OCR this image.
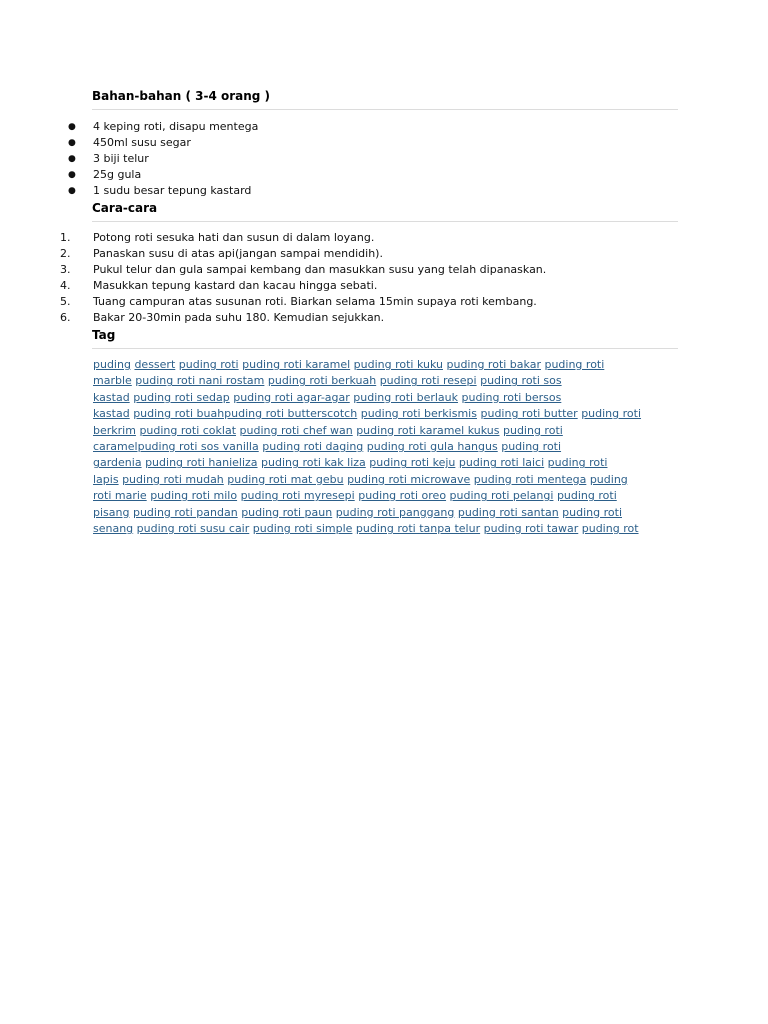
Bahan-bahan ( 3-4 orang )
●	4 keping roti, disapu mentega
●	450ml susu segar
●	3 biji telur
●	25g gula
●	1 sudu besar tepung kastard
Cara-cara
1.	Potong roti sesuka hati dan susun di dalam loyang.
2.	Panaskan susu di atas api(jangan sampai mendidih).
3.	Pukul telur dan gula sampai kembang dan masukkan susu yang telah dipanaskan.
4.	Masukkan tepung kastard dan kacau hingga sebati.
5.	Tuang campuran atas susunan roti. Biarkan selama 15min supaya roti kembang.
6.	Bakar 20-30min pada suhu 180. Kemudian sejukkan.
Tag
puding dessert puding roti puding roti karamel puding roti kuku puding roti bakar puding roti
marble puding roti nani rostam puding roti berkuah puding roti resepi puding roti sos
kastad puding roti sedap puding roti agar-agar puding roti berlauk puding roti bersos
kastad puding roti buahpuding roti butterscotch puding roti berkismis puding roti butter puding roti
berkrim puding roti coklat puding roti chef wan puding roti karamel kukus puding roti
caramelpuding roti sos vanilla puding roti daging puding roti gula hangus puding roti
gardenia puding roti hanieliza puding roti kak liza puding roti keju puding roti laici puding roti
lapis puding roti mudah puding roti mat gebu puding roti microwave puding roti mentega puding
roti marie puding roti milo puding roti myresepi puding roti oreo puding roti pelangi puding roti
pisang puding roti pandan puding roti paun puding roti panggang puding roti santan puding roti
senang puding roti susu cair puding roti simple puding roti tanpa telur puding roti tawar puding rot
